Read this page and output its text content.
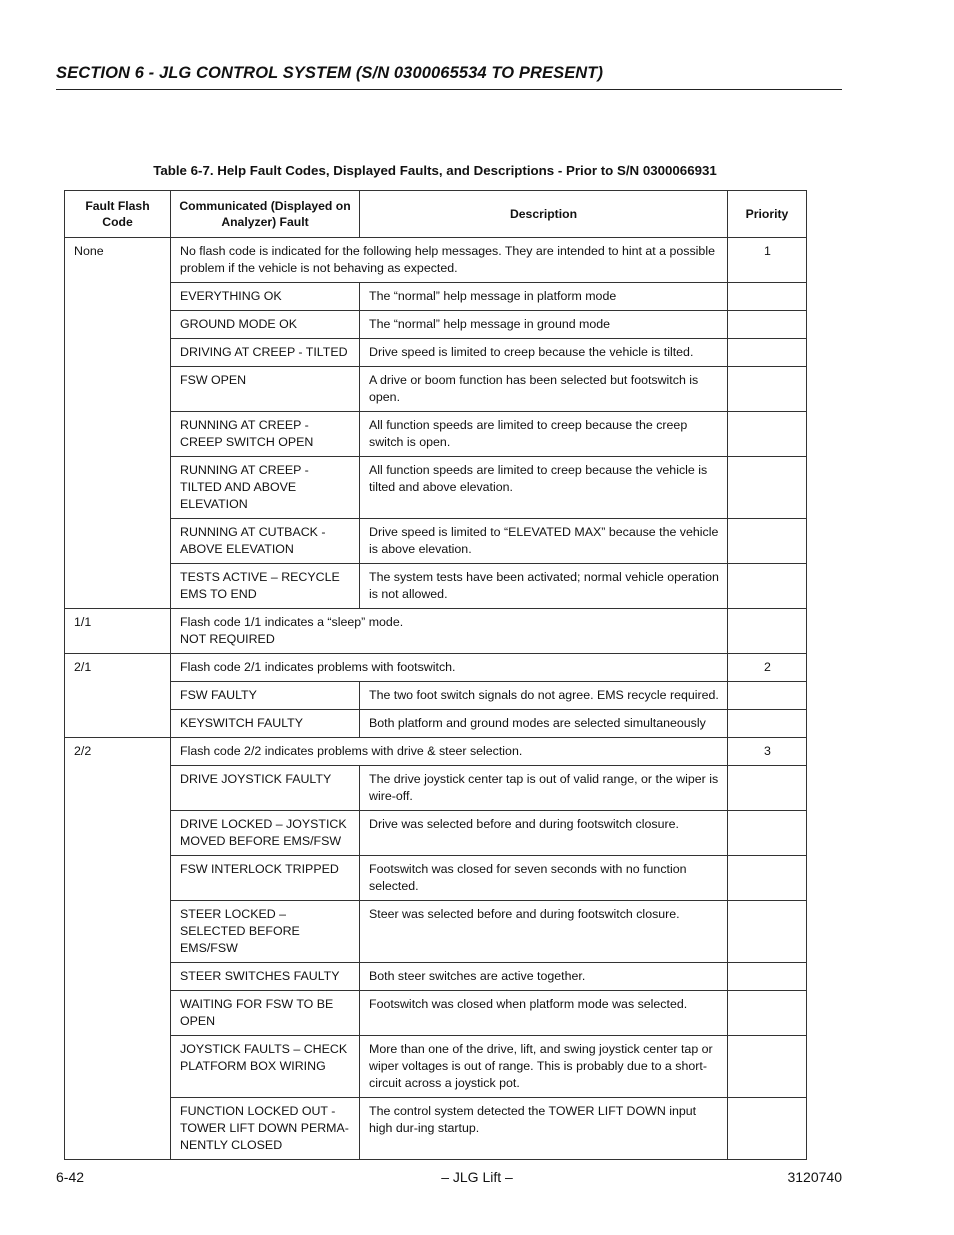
SECTION 6 - JLG CONTROL SYSTEM (S/N 0300065534 TO PRESENT)
Table 6-7. Help Fault Codes, Displayed Faults, and Descriptions - Prior to S/N 0300066931
Fault Flash Code	Communicated (Displayed on Analyzer) Fault	Description	Priority
None	No flash code is indicated for the following help messages. They are intended to hint at a possible problem if the vehicle is not behaving as expected.		1
	EVERYTHING OK	The “normal” help message in platform mode	
	GROUND MODE OK	The “normal” help message in ground mode	
	DRIVING AT CREEP - TILTED	Drive speed is limited to creep because the vehicle is tilted.	
	FSW OPEN	A drive or boom function has been selected but footswitch is open.	
	RUNNING AT CREEP - CREEP SWITCH OPEN	All function speeds are limited to creep because the creep switch is open.	
	RUNNING AT CREEP - TILTED AND ABOVE ELEVATION	All function speeds are limited to creep because the vehicle is tilted and above elevation.	
	RUNNING AT CUTBACK - ABOVE ELEVATION	Drive speed is limited to “ELEVATED MAX” because the vehicle is above elevation.	
	TESTS ACTIVE – RECYCLE EMS TO END	The system tests have been activated; normal vehicle operation is not allowed.	
1/1	Flash code 1/1 indicates a “sleep” mode.
NOT REQUIRED		

2/1	Flash code 2/1 indicates problems with footswitch.		2
	FSW FAULTY	The two foot switch signals do not agree. EMS recycle required.	
	KEYSWITCH FAULTY	Both platform and ground modes are selected simultaneously	
2/2	Flash code 2/2 indicates problems with drive & steer selection.		3
	DRIVE JOYSTICK FAULTY	The drive joystick center tap is out of valid range, or the wiper is wire-off.	
	DRIVE LOCKED – JOYSTICK MOVED BEFORE EMS/FSW	Drive was selected before and during footswitch closure.	
	FSW INTERLOCK TRIPPED	Footswitch was closed for seven seconds with no function selected.	
	STEER LOCKED – SELECTED BEFORE EMS/FSW	Steer was selected before and during footswitch closure.	
	STEER SWITCHES FAULTY	Both steer switches are active together.	
	WAITING FOR FSW TO BE OPEN	Footswitch was closed when platform mode was selected.	
	JOYSTICK FAULTS – CHECK PLATFORM BOX WIRING	More than one of the drive, lift, and swing joystick center tap or wiper voltages is out of range. This is probably due to a short-circuit across a joystick pot.	
	FUNCTION LOCKED OUT - TOWER LIFT DOWN PERMA-NENTLY CLOSED	The control system detected the TOWER LIFT DOWN input high dur-ing startup.	
6-42	– JLG Lift –	3120740
